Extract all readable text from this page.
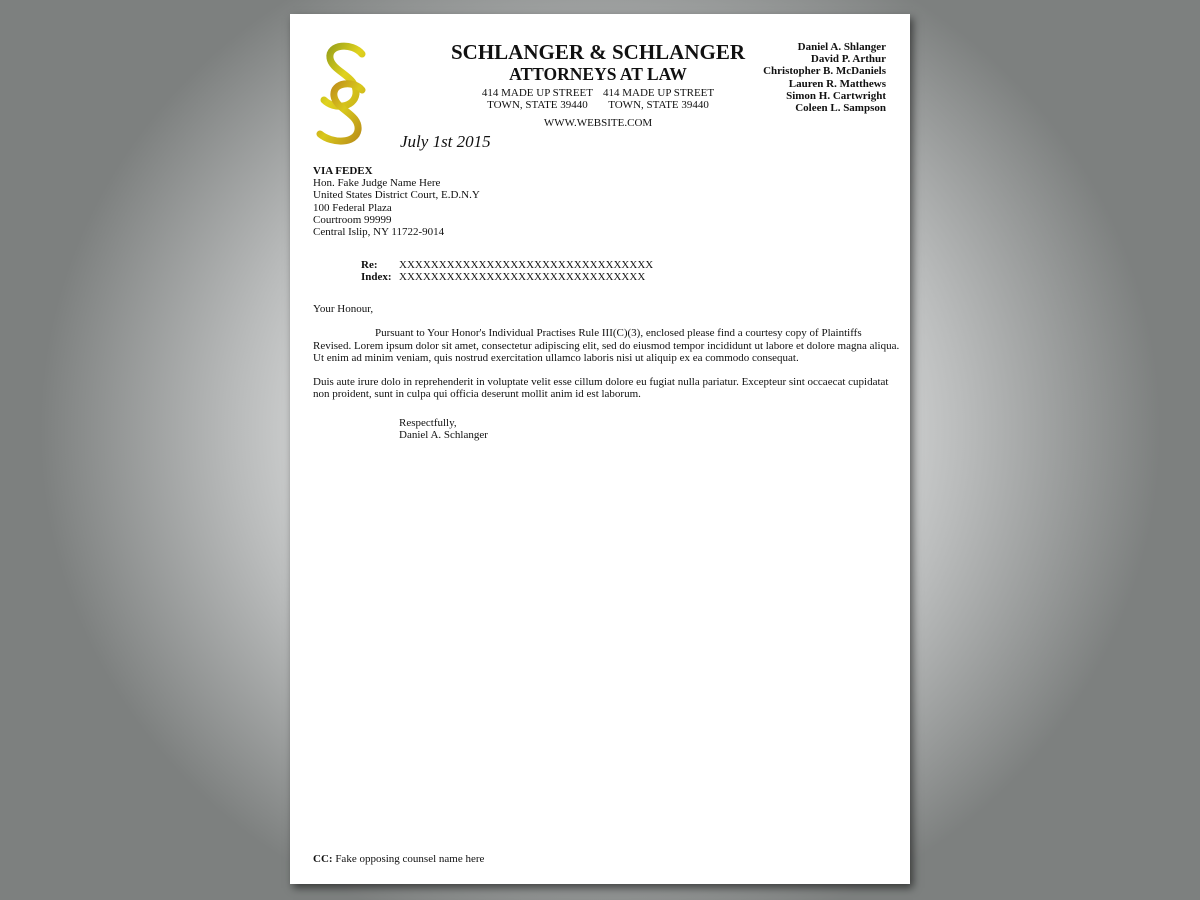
SCHLANGER & SCHLANGER
ATTORNEYS AT LAW
414 MADE UP STREET
TOWN, STATE 39440
414 MADE UP STREET
TOWN, STATE 39440
WWW.WEBSITE.COM
Daniel A. Shlanger
David P. Arthur
Christopher B. McDaniels
Lauren R. Matthews
Simon H. Cartwright
Coleen L. Sampson
July 1st 2015
VIA FEDEX
Hon. Fake Judge Name Here
United States District Court, E.D.N.Y
100 Federal Plaza
Courtroom 99999
Central Islip, NY 11722-9014
Re: XXXXXXXXXXXXXXXXXXXXXXXXXXXXXXXX
Index: XXXXXXXXXXXXXXXXXXXXXXXXXXXXXXX

Your Honour,

Pursuant to Your Honor's Individual Practises Rule III(C)(3), enclosed please find a courtesy copy of Plaintiffs
Revised. Lorem ipsum dolor sit amet, consectetur adipiscing elit, sed do eiusmod tempor incididunt ut labore et dolore magna aliqua.
Ut enim ad minim veniam, quis nostrud exercitation ullamco laboris nisi ut aliquip ex ea commodo consequat.

Duis aute irure dolo in reprehenderit in voluptate velit esse cillum dolore eu fugiat nulla pariatur. Excepteur sint occaecat cupidatat
non proident, sunt in culpa qui officia deserunt mollit anim id est laborum.

Respectfully,
Daniel A. Schlanger
CC: Fake opposing counsel name here
